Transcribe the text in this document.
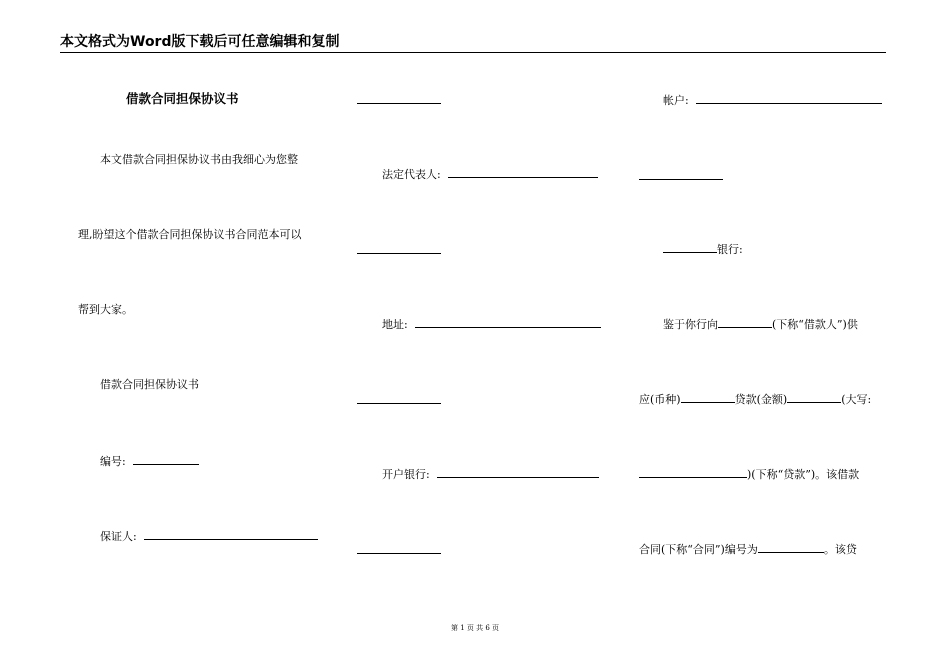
本文格式为Word版下载后可任意编辑和复制
借款合同担保协议书
本文借款合同担保协议书由我细心为您整
理,盼望这个借款合同担保协议书合同范本可以
帮到大家。
借款合同担保协议书
编号:
保证人:
法定代表人:
地址:
开户银行:
帐户:
银行:
鉴于你行向	(下称“借款人”)供
应(币种)	贷款(金额)	(大写:
)(下称“贷款”)。该借款
合同(下称“合同”)编号为	。该贷
第 1 页 共 6 页
